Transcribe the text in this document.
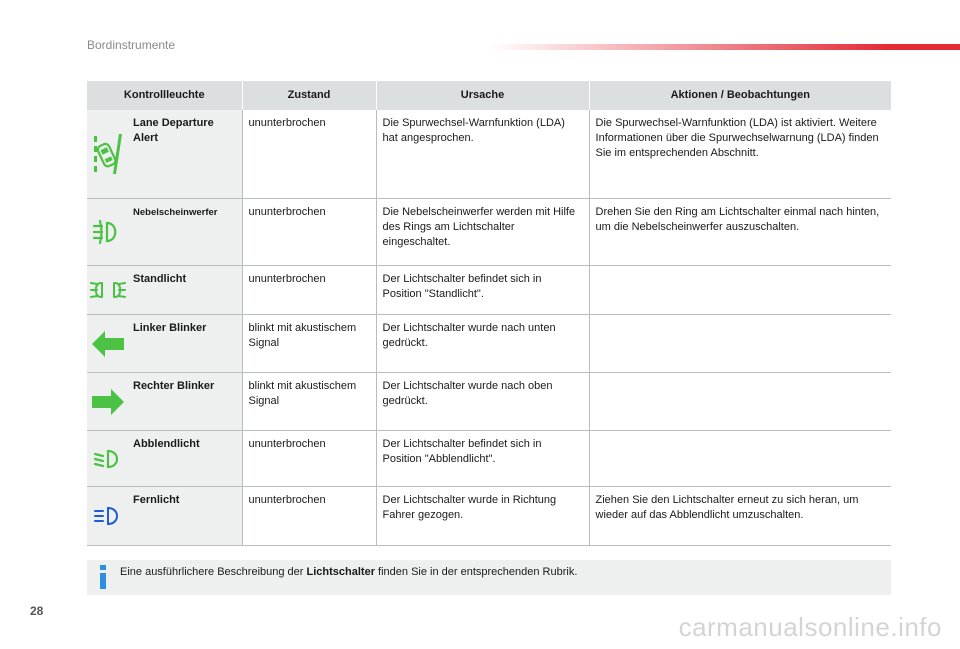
Bordinstrumente
Kontrollleuchte		Zustand	Ursache	Aktionen / Beobachtungen

	Lane Departure Alert	ununterbrochen	Die Spurwechsel-Warnfunktion (LDA) hat angesprochen.	Die Spurwechsel-Warnfunktion (LDA) ist aktiviert. Weitere Informationen über die Spurwechselwarnung (LDA) finden Sie im entsprechenden Abschnitt.

	Nebelscheinwerfer	ununterbrochen	Die Nebelscheinwerfer werden mit Hilfe des Rings am Lichtschalter eingeschaltet.	Drehen Sie den Ring am Lichtschalter einmal nach hinten, um die Nebelscheinwerfer auszuschalten.

	Standlicht	ununterbrochen	Der Lichtschalter befindet sich in Position "Standlicht".	

	Linker Blinker	blinkt mit akustischem Signal	Der Lichtschalter wurde nach unten gedrückt.	

	Rechter Blinker	blinkt mit akustischem Signal	Der Lichtschalter wurde nach oben gedrückt.	

	Abblendlicht	ununterbrochen	Der Lichtschalter befindet sich in Position "Abblendlicht".	

	Fernlicht	ununterbrochen	Der Lichtschalter wurde in Richtung Fahrer gezogen.	Ziehen Sie den Lichtschalter erneut zu sich heran, um wieder auf das Abblendlicht umzuschalten.
Eine ausführlichere Beschreibung der Lichtschalter finden Sie in der entsprechenden Rubrik.
28
carmanualsonline.info
